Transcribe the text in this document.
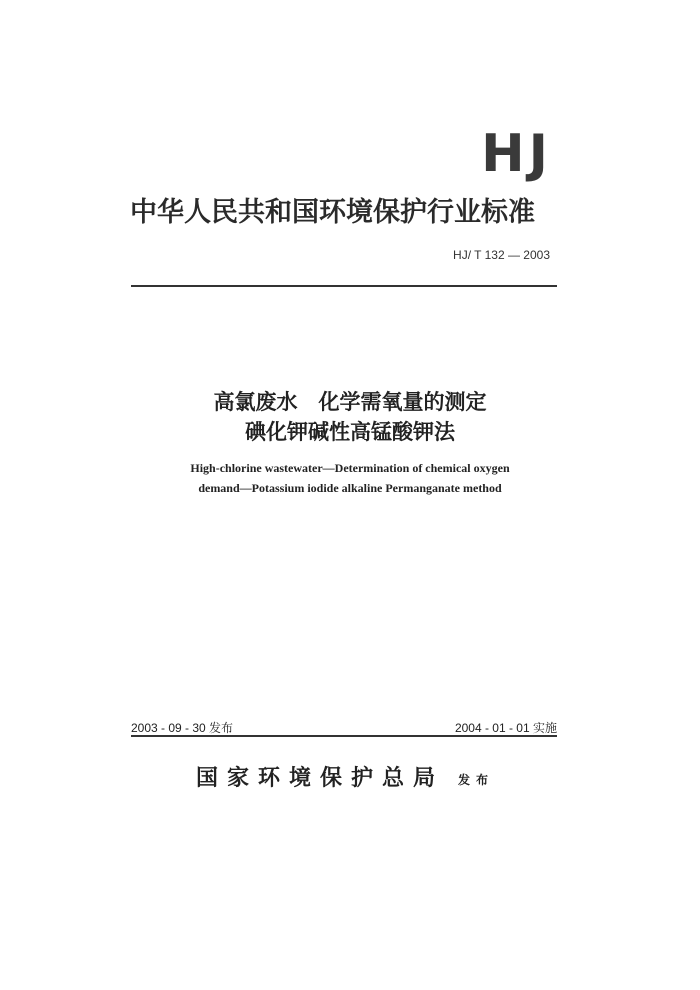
HJ
中华人民共和国环境保护行业标准
HJ/ T 132 — 2003
高氯废水　化学需氧量的测定
碘化钾碱性高锰酸钾法
High-chlorine wastewater—Determination of chemical oxygen
demand—Potassium iodide alkaline Permanganate method
2003 - 09 - 30 发布	2004 - 01 - 01 实施
国家环境保护总局 发布
